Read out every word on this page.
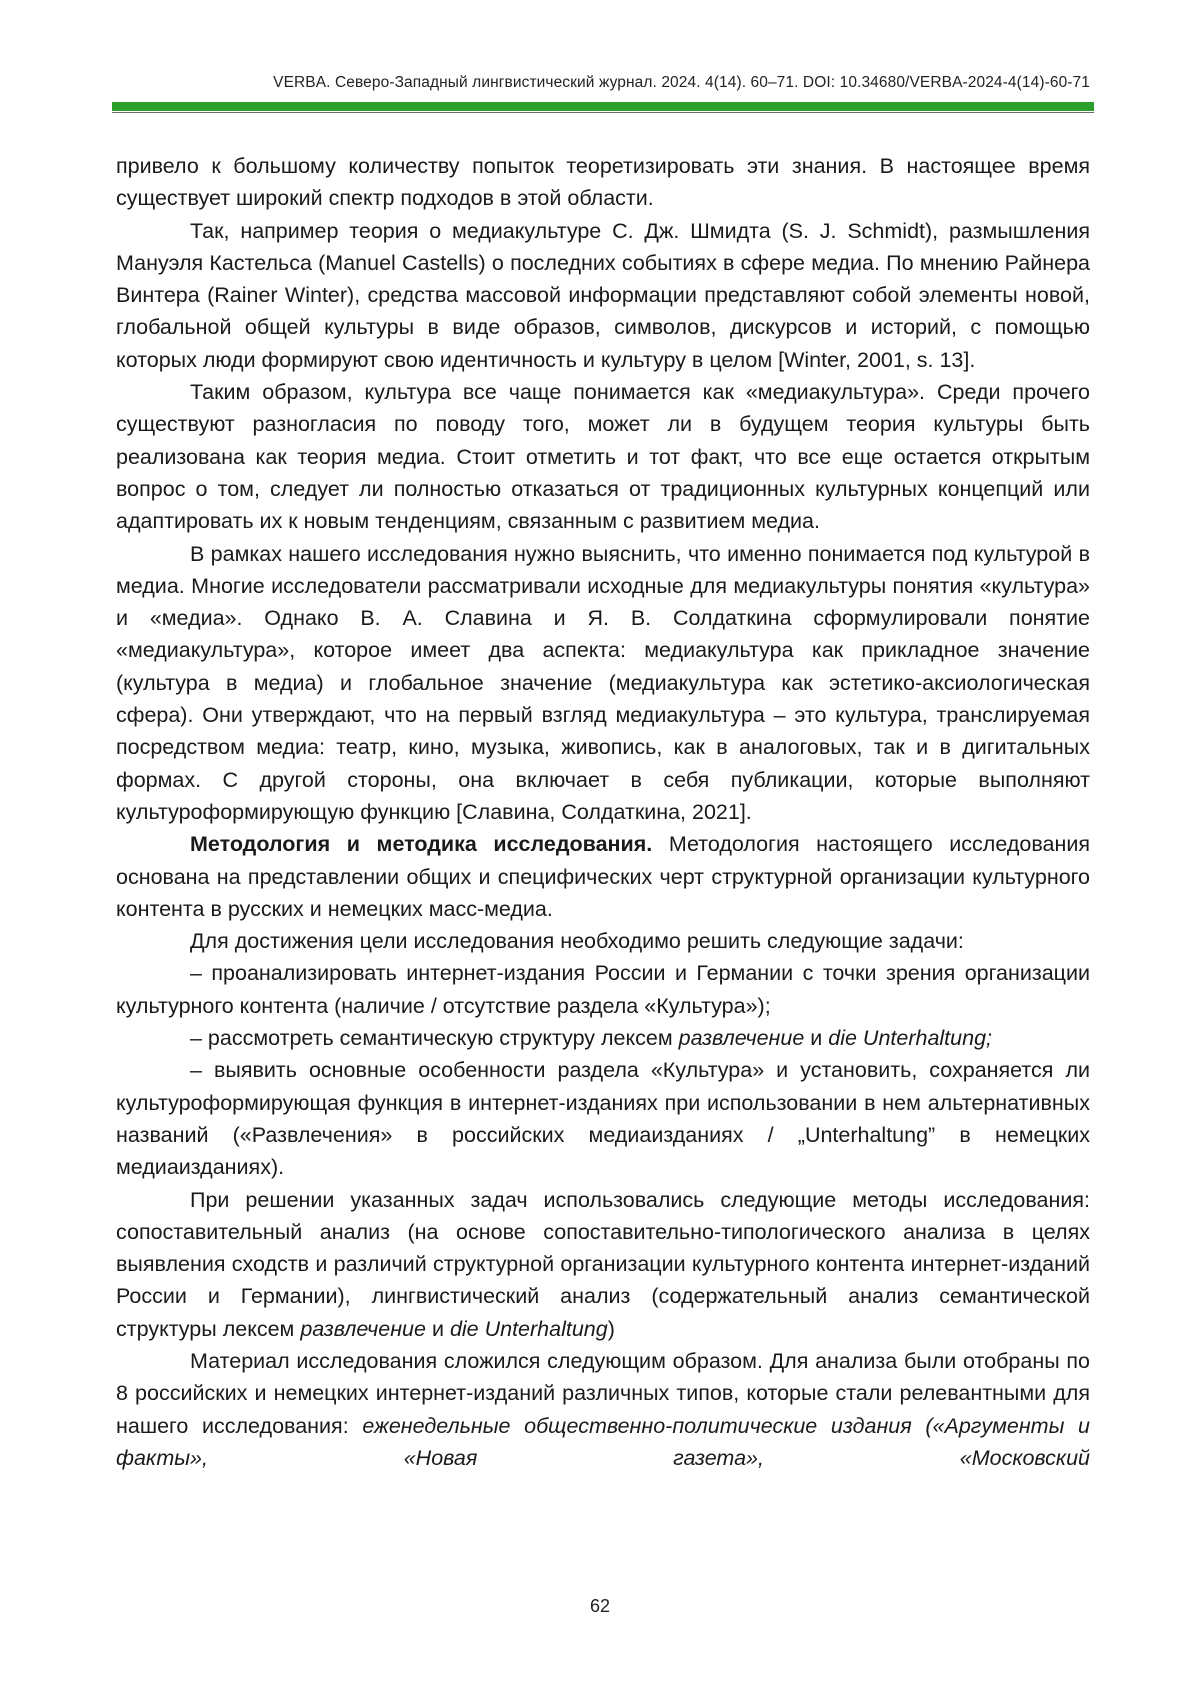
VERBA. Северо-Западный лингвистический журнал. 2024. 4(14). 60–71. DOI: 10.34680/VERBA-2024-4(14)-60-71

привело к большому количеству попыток теоретизировать эти знания. В настоящее время существует широкий спектр подходов в этой области.

Так, например теория о медиакультуре С. Дж. Шмидта (S. J. Schmidt), размышления Мануэля Кастельса (Manuel Castells) о последних событиях в сфере медиа. По мнению Райнера Винтера (Rainer Winter), средства массовой информации представляют собой элементы новой, глобальной общей культуры в виде образов, символов, дискурсов и историй, с помощью которых люди формируют свою идентичность и культуру в целом [Winter, 2001, s. 13].

Таким образом, культура все чаще понимается как «медиакультура». Среди прочего существуют разногласия по поводу того, может ли в будущем теория культуры быть реализована как теория медиа. Стоит отметить и тот факт, что все еще остается открытым вопрос о том, следует ли полностью отказаться от традиционных культурных концепций или адаптировать их к новым тенденциям, связанным с развитием медиа.

В рамках нашего исследования нужно выяснить, что именно понимается под культурой в медиа. Многие исследователи рассматривали исходные для медиакультуры понятия «культура» и «медиа». Однако В. А. Славина и Я. В. Солдаткина сформулировали понятие «медиакультура», которое имеет два аспекта: медиакультура как прикладное значение (культура в медиа) и глобальное значение (медиакультура как эстетико-аксиологическая сфера). Они утверждают, что на первый взгляд медиакультура – это культура, транслируемая посредством медиа: театр, кино, музыка, живопись, как в аналоговых, так и в дигитальных формах. С другой стороны, она включает в себя публикации, которые выполняют культуроформирующую функцию [Славина, Солдаткина, 2021].

Методология и методика исследования. Методология настоящего исследования основана на представлении общих и специфических черт структурной организации культурного контента в русских и немецких масс-медиа.

Для достижения цели исследования необходимо решить следующие задачи:

– проанализировать интернет-издания России и Германии с точки зрения организации культурного контента (наличие / отсутствие раздела «Культура»);

– рассмотреть семантическую структуру лексем развлечение и die Unterhaltung;

– выявить основные особенности раздела «Культура» и установить, сохраняется ли культуроформирующая функция в интернет-изданиях при использовании в нем альтернативных названий («Развлечения» в российских медиаизданиях / „Unterhaltung” в немецких медиаизданиях).

При решении указанных задач использовались следующие методы исследования: сопоставительный анализ (на основе сопоставительно-типологического анализа в целях выявления сходств и различий структурной организации культурного контента интернет-изданий России и Германии), лингвистический анализ (содержательный анализ семантической структуры лексем развлечение и die Unterhaltung)

Материал исследования сложился следующим образом. Для анализа были отобраны по 8 российских и немецких интернет-изданий различных типов, которые стали релевантными для нашего исследования: еженедельные общественно-политические издания («Аргументы и факты», «Новая газета», «Московский

62
